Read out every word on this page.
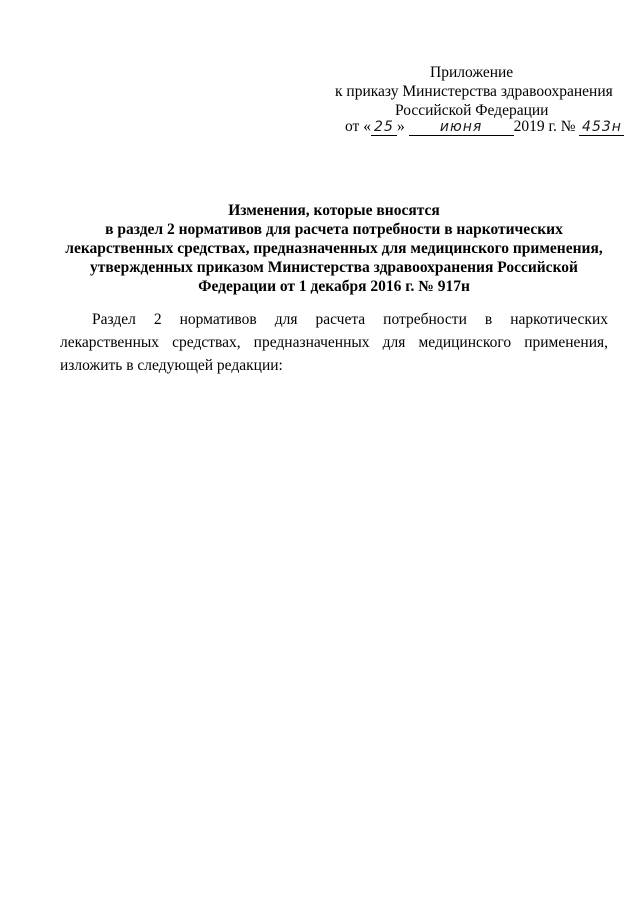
Приложение
к приказу Министерства здравоохранения
Российской Федерации
от « 25 »	июня 2019 г. № 453н
Изменения, которые вносятся
в раздел 2 нормативов для расчета потребности в наркотических
лекарственных средствах, предназначенных для медицинского применения,
утвержденных приказом Министерства здравоохранения Российской
Федерации от 1 декабря 2016 г. № 917н
Раздел 2 нормативов для расчета потребности в наркотических лекарственных средствах, предназначенных для медицинского применения, изложить в следующей редакции:
